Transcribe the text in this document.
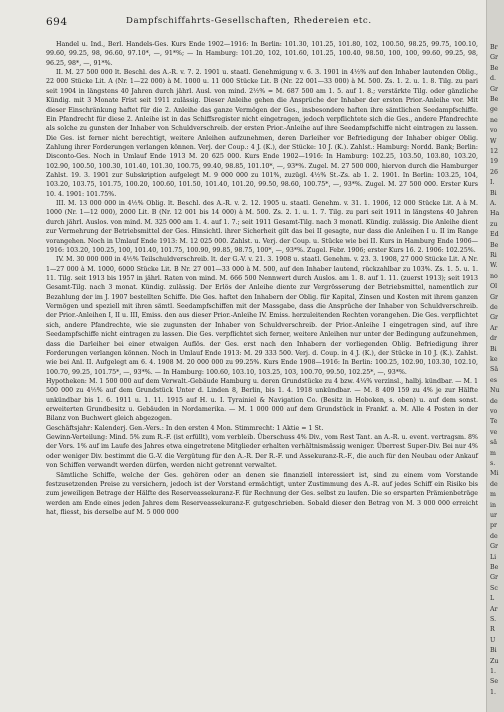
694	Dampfschiffahrts-Gesellschaften, Rhedereien etc.

Handel u. Ind., Berl. Handels-Ges. Kurs Ende 1902—1916: In Berlin: 101.30, 101.25, 101.80, 102, 100.50, 98.25, 99.75, 100.10, 99.60, 99.25, 98, 96.60, 97.10*, —, 91*%; — In Hamburg: 101.20, 102, 101.60, 101.25, 100.40, 98.50, 100, 100, 99.60, 99.25, 98, 96.25, 98*, —, 91*%.

II. M. 27 500 000 lt. Beschl. des A.-R. v. 7. 2. 1901 u. staatl. Genehmigung v. 6. 3. 1901 in 4½% auf den Inhaber lautenden Oblig., 22 000 Stücke Lit. A (Nr. 1—22 000) à M. 1000 u. 11 000 Stücke Lit. B (Nr. 22 001—33 000) à M. 500. Zs. 1. 2. u. 1. 8. Tilg. zu pari seit 1904 in längstens 40 Jahren durch jährl. Ausl. von mind. 2½% = M. 687 500 am 1. 5. auf 1. 8.; verstärkte Tilg. oder gänzliche Kündig. mit 3 Monate Frist seit 1911 zulässig. Dieser Anleihe gehen die Ansprüche der Inhaber der ersten Prior.-Anleihe vor. Mit dieser Einschränkung haftet für die 2. Anleihe das ganze Vermögen der Ges., insbesondere haften ihre sämtlichen Seedampfschiffe. Ein Pfandrecht für diese 2. Anleihe ist in das Schiffsregister nicht eingetragen, jedoch verpflichtete sich die Ges., andere Pfandrechte als solche zu gunsten der Inhaber von Schuldverschreib. der ersten Prior.-Anleihe auf ihre Seedampfschiffe nicht eintragen zu lassen. Die Ges. ist ferner nicht berechtigt, weitere Anleihen aufzunehmen, deren Darleiher vor Befriedigung der Inhaber obiger Oblig. Zahlung ihrer Forderungen verlangen können. Verj. der Coup.: 4 J. (K.), der Stücke: 10 J. (K.). Zahlst.: Hamburg: Nordd. Bank; Berlin: Disconto-Ges. Noch in Umlauf Ende 1913 M. 20 625 000. Kurs Ende 1902—1916: In Hamburg: 102.25, 103.50, 103.80, 103.20, 102.90, 100.50, 100.30, 101.40, 101.30, 100.75, 99.40, 98.85, 101.10*, —, 93*%. Zugel. M. 27 500 000, hiervon durch die Hamburger Zahlst. 19. 3. 1901 zur Subskription aufgelegt M. 9 000 000 zu 101%, zuzügl. 4½% St.-Zs. ab 1. 2. 1901. In Berlin: 103.25, 104, 103.20, 103.75, 101.75, 100.20, 100.60, 101.50, 101.40, 101.20, 99.50, 98.60, 100.75*, —, 93*%. Zugel. M. 27 500 000. Erster Kurs 10. 4. 1901: 101.75%.

III. M. 13 000 000 in 4½% Oblig. lt. Beschl. des A.-R. v. 2. 12. 1905 u. staatl. Genehm. v. 31. 1. 1906, 12 000 Stücke Lit. A à M. 1000 (Nr. 1—12 000), 2000 Lit. B (Nr. 12 001 bis 14 000) à M. 500. Zs. 2. 1. u. 1. 7. Tilg. zu pari seit 1911 in längstens 40 Jahren durch jährl. Auslos. von mind. M. 325 000 am 1. 4. auf 1. 7.; seit 1911 Gesamt-Tilg. nach 3 monatl. Kündig. zulässig. Die Anleihe dient zur Vermehrung der Betriebsmittel der Ges. Hinsichtl. ihrer Sicherheit gilt das bei II gesagte, nur dass die Anleihen I u. II im Range vorangehen. Noch in Umlauf Ende 1913: M. 12 025 000. Zahlst. u. Verj. der Coup. u. Stücke wie bei II. Kurs in Hamburg Ende 1906—1916: 103.20, 100.25, 100, 101.40, 101.75, 100.90, 99.85, 98.75, 100*, —, 93*%. Zugel. Febr. 1906; erster Kurs 16. 2. 1906: 102.25%.

IV. M. 30 000 000 in 4½% Teilschuldverschreib. lt. der G.-V. v. 21. 3. 1908 u. staatl. Genehm. v. 23. 3. 1908, 27 000 Stücke Lit. A Nr. 1—27 000 à M. 1000, 6000 Stücke Lit. B Nr. 27 001—33 000 à M. 500, auf den Inhaber lautend, rückzahlbar zu 103%. Zs. 1. 5. u. 1. 11. Tilg. seit 1913 bis 1957 in jährl. Raten von mind. M. 666 500 Nennwert durch Auslos. am 1. 8. auf 1. 11. (zuerst 1913); seit 1913 Gesamt-Tilg. nach 3 monat. Kündig. zulässig. Der Erlös der Anleihe diente zur Vergrösserung der Betriebsmittel, namentlich zur Bezahlung der im J. 1907 bestellten Schiffe. Die Ges. haftet den Inhabern der Oblig. für Kapital, Zinsen und Kosten mit ihrem ganzen Vermögen und speziell mit ihren sämtl. Seedampfschiffen mit der Massgabe, dass die Ansprüche der Inhaber von Schuldverschreib. der Prior.-Anleihen I, II u. III, Emiss. den aus dieser Prior.-Anleihe IV. Emiss. herzuleitenden Rechten vorangehen. Die Ges. verpflichtet sich, andere Pfandrechte, wie sie zugunsten der Inhaber von Schuldverschreib. der Prior.-Anleihe I eingetragen sind, auf ihre Seedampfschiffe nicht eintragen zu lassen. Die Ges. verpflichtet sich ferner, weitere Anleihen nur unter der Bedingung aufzunehmen, dass die Darleiher bei einer etwaigen Auflös. der Ges. erst nach den Inhabern der vorliegenden Oblig. Befriedigung ihrer Forderungen verlangen können. Noch in Umlauf Ende 1913: M. 29 333 500. Verj. d. Coup. in 4 J. (K.), der Stücke in 10 J. (K.). Zahlst. wie bei Anl. II. Aufgelegt am 6. 4. 1908 M. 20 000 000 zu 99.25%. Kurs Ende 1908—1916: In Berlin: 100.25, 102.90, 103.30, 102.10, 100.70, 99.25, 101.75*, —, 93*%. — In Hamburg: 100.60, 103.10, 103.25, 103, 100.70, 99.50, 102.25*, —, 93*%.

Hypotheken: M. 1 500 000 auf dem Verwalt.-Gebäude Hamburg u. deren Grundstücke zu 4 bzw. 4¼% verzinsl., halbj. kündbar. — M. 1 500 000 zu 4½% auf dem Grundstück Unter d. Linden 8, Berlin, bis 1. 4. 1918 unkündbar. — M. 8 409 159 zu 4% je zur Hälfte unkündbar bis 1. 6. 1911 u. 1. 11. 1915 auf H. u. I. Tyrainiel & Navigation Co. (Besitz in Hoboken, s. oben) u. auf dem sonst. erweiterten Grundbesitz u. Gebäuden in Nordamerika. — M. 1 000 000 auf dem Grundstück in Frankf. a. M. Alle 4 Posten in der Bilanz von Buchwert gleich abgezogen.

Geschäftsjahr: Kalenderj. Gen.-Vers.: In den ersten 4 Mon. Stimmrecht: 1 Aktie = 1 St.

Gewinn-Verteilung: Mind. 5% zum R.-F. (ist erfüllt), vom verbleib. Überschuss 4% Div., vom Rest Tant. an A.-R. u. event. vertragsm. 8% der Vors. 1% auf im Laufe des Jahres etwa eingetretene Mitglieder erhalten verhältnismässig weniger. Überrest Super-Div. Bei nur 4% oder weniger Div. bestimmt die G.-V. die Vergütung für den A.-R. Der R.-F. und Assekuranz-R.-F., die auch für den Neubau oder Ankauf von Schiffen verwandt werden dürfen, werden nicht getrennt verwaltet.

Sämtliche Schiffe, welche der Ges. gehören oder an denen sie finanziell interessiert ist, sind zu einem vom Vorstande festzusetzenden Preise zu versichern, jedoch ist der Vorstand ermächtigt, unter Zustimmung des A.-R. auf jedes Schiff ein Risiko bis zum jeweiligen Betrage der Hälfte des Reserveassekuranz-F. für Rechnung der Ges. selbst zu laufen. Die so ersparten Prämienbeträge werden am Ende eines jeden Jahres dem Reserveassekuranz-F. gutgeschrieben. Sobald dieser den Betrag von M. 3 000 000 erreicht hat, fliesst, bis derselbe auf M. 5 000 000

Br
Gr
Be
d.
Gr
Be
ge
ne
vo
W
12
19
26
I.
Bi
A.
Ha
zu
Ed
Be
Ri
W.
no
Ol
Gr
de
Gr
Ar
dr
Bi
ke
Sä
es
Nu
de
vo
Te
ve
sä
m
s.
Mi
de
m
in
ur
pr
de
Gr
Li
Be
Gr
Sc
L
Ar
S.
R
U
Bi
Zu
1.
Se
1.
